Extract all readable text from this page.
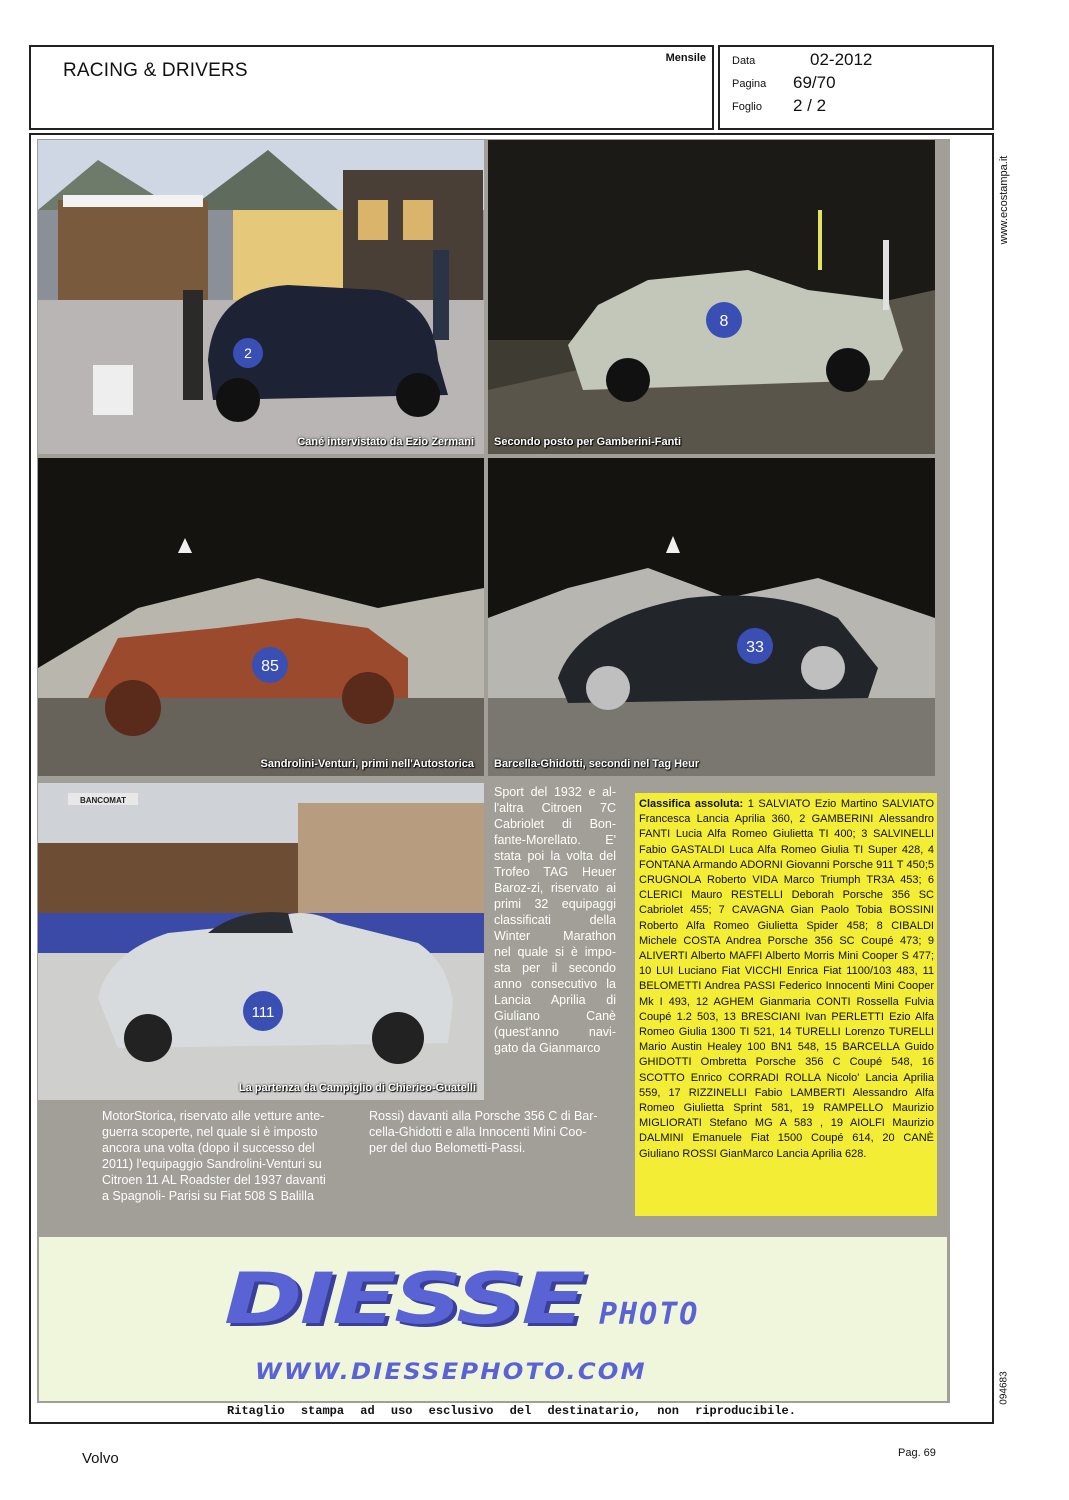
RACING & DRIVERS
Mensile Data	02-2012
Pagina 69/70
Foglio 2 / 2
www.ecostampa.it
094683
2
Cané intervistato da Ezio Zermani
8
Secondo posto per Gamberini-Fanti
85
Sandrolini-Venturi, primi nell'Autostorica
33
Barcella-Ghidotti, secondi nel Tag Heur
BANCOMAT
111
La partenza da Campiglio di Chierico-Guatelli

Sport del 1932 e al-

l'altra Citroen 7C

Cabriolet di Bon-

fante-Morellato. E'

stata poi la volta del

Trofeo TAG Heuer

Baroz-zi, riservato ai

primi 32 equipaggi

classificati della

Winter Marathon

nel quale si è impo-

sta per il secondo

anno consecutivo la

Lancia Aprilia di

Giuliano Canè

(quest'anno navi-

gato da Gianmarco

MotorStorica, riservato alle vetture ante-

guerra scoperte, nel quale si è imposto

ancora una volta (dopo il successo del

2011) l'equipaggio Sandrolini-Venturi su

Citroen 11 AL Roadster del 1937 davanti

a Spagnoli- Parisi su Fiat 508 S Balilla

Rossi) davanti alla Porsche 356 C di Bar-

cella-Ghidotti e alla Innocenti Mini Coo-

per del duo Belometti-Passi.

Classifica assoluta: 1 SALVIATO Ezio Martino SALVIATO Francesca Lancia Aprilia 360, 2 GAMBERINI Alessandro FANTI Lucia Alfa Romeo Giulietta TI 400; 3 SALVINELLI Fabio GASTALDI Luca Alfa Romeo Giulia TI Super 428, 4 FONTANA Armando ADORNI Giovanni Porsche 911 T 450;5 CRUGNOLA Roberto VIDA Marco Triumph TR3A 453; 6 CLERICI Mauro RESTELLI Deborah Porsche 356 SC Cabriolet 455; 7 CAVAGNA Gian Paolo Tobia BOSSINI Roberto Alfa Romeo Giulietta Spider 458; 8 CIBALDI Michele COSTA Andrea Porsche 356 SC Coupé 473; 9 ALIVERTI Alberto MAFFI Alberto Morris Mini Cooper S 477; 10 LUI Luciano Fiat VICCHI Enrica Fiat 1100/103 483, 11 BELOMETTI Andrea PASSI Federico Innocenti Mini Cooper Mk I 493, 12 AGHEM Gianmaria CONTI Rossella Fulvia Coupé 1.2 503, 13 BRESCIANI Ivan PERLETTI Ezio Alfa Romeo Giulia 1300 TI 521, 14 TURELLI Lorenzo TURELLI Mario Austin Healey 100 BN1 548, 15 BARCELLA Guido GHIDOTTI Ombretta Porsche 356 C Coupé 548, 16 SCOTTO Enrico CORRADI ROLLA Nicolo' Lancia Aprilia 559, 17 RIZZINELLI Fabio LAMBERTI Alessandro Alfa Romeo Giulietta Sprint 581, 19 RAMPELLO Maurizio MIGLIORATI Stefano MG A 583 , 19 AIOLFI Maurizio DALMINI Emanuele Fiat 1500 Coupé 614, 20 CANÈ Giuliano ROSSI GianMarco Lancia Aprilia 628.
DIESSE PHOTO
WWW.DIESSEPHOTO.COM
Ritaglio stampa ad uso esclusivo del destinatario, non riproducibile.
Volvo	Pag. 69
